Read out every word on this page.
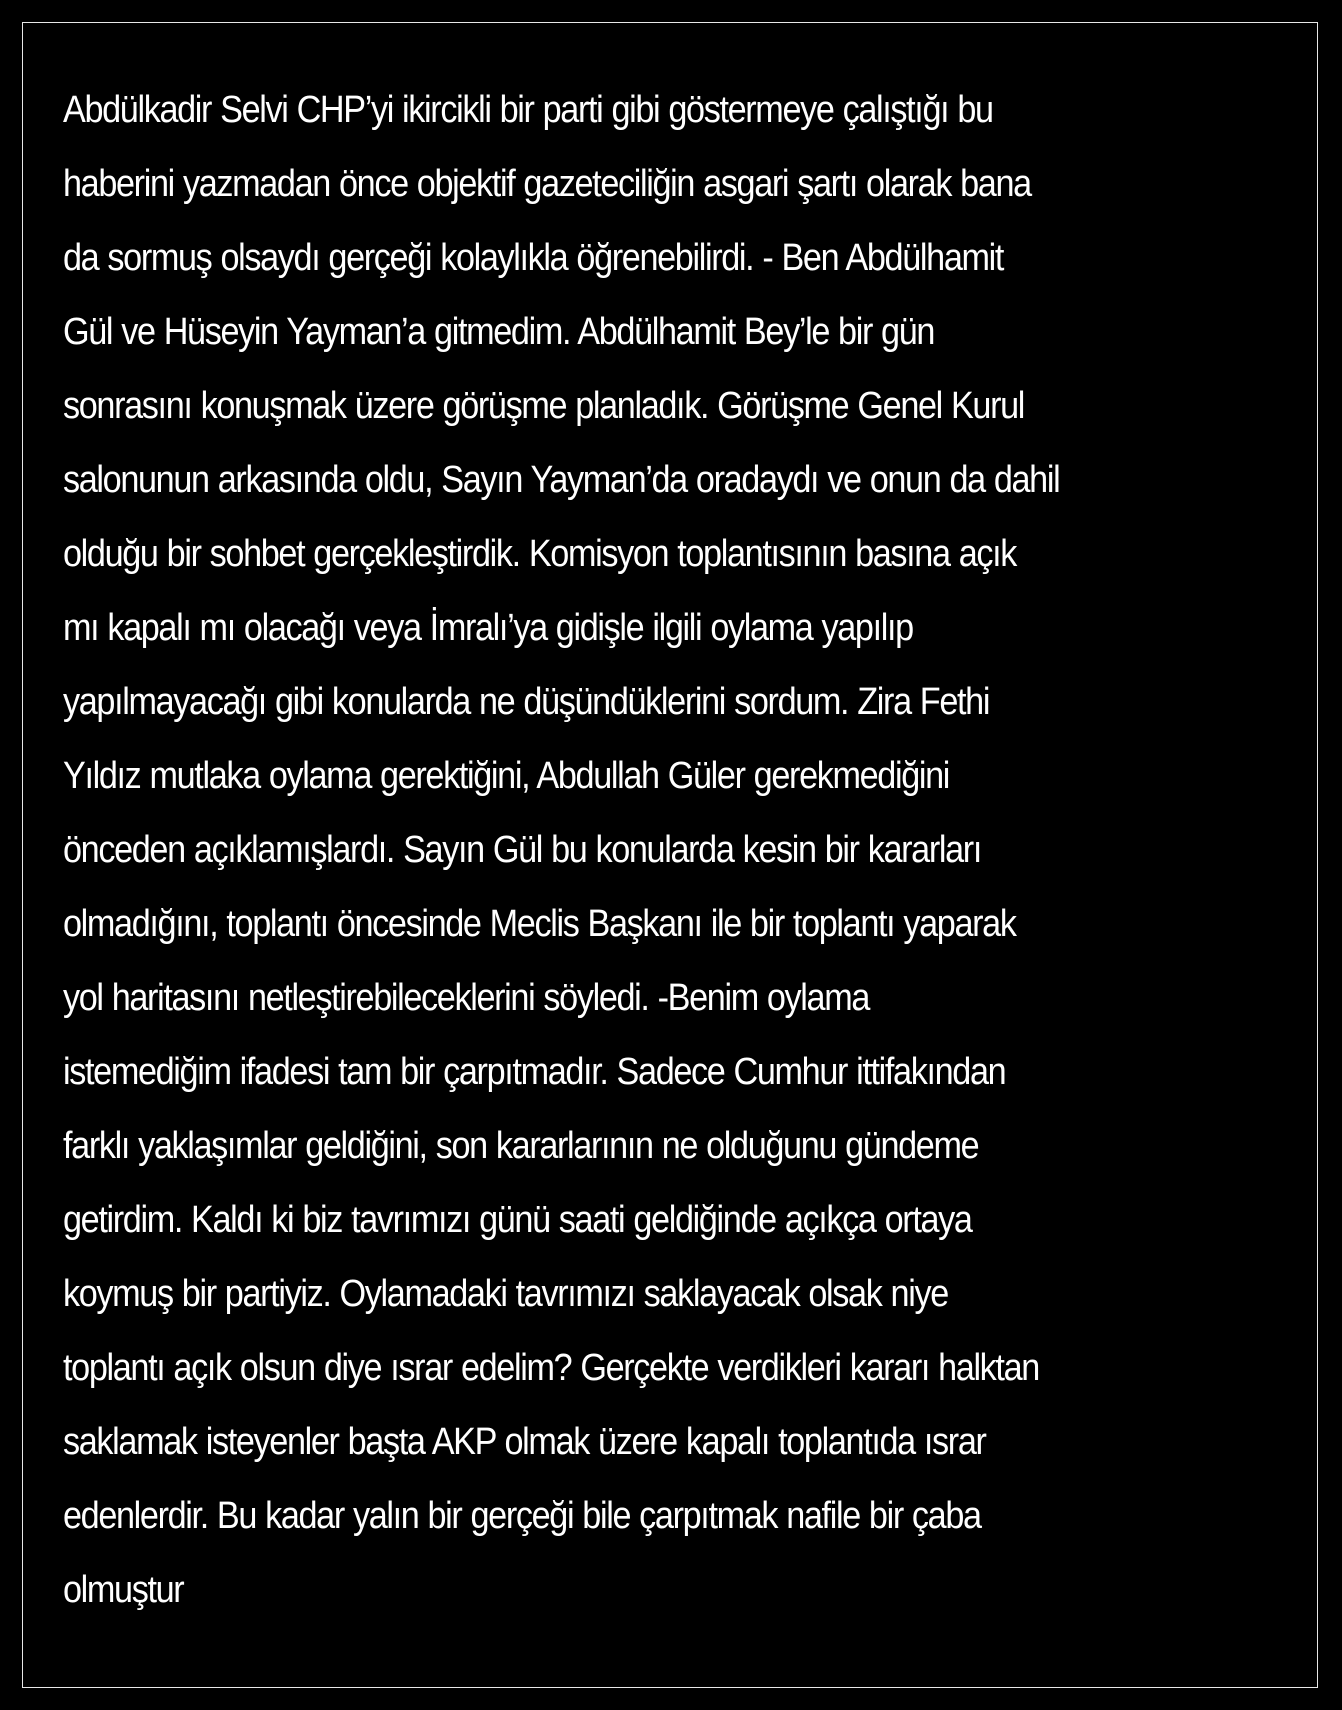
Abdülkadir Selvi CHP’yi ikircikli bir parti gibi göstermeye çalıştığı bu
haberini yazmadan önce objektif gazeteciliğin asgari şartı olarak bana
da sormuş olsaydı gerçeği kolaylıkla öğrenebilirdi. - Ben Abdülhamit
Gül ve Hüseyin Yayman’a gitmedim. Abdülhamit Bey’le bir gün
sonrasını konuşmak üzere görüşme planladık. Görüşme Genel Kurul
salonunun arkasında oldu, Sayın Yayman’da oradaydı ve onun da dahil
olduğu bir sohbet gerçekleştirdik. Komisyon toplantısının basına açık
mı kapalı mı olacağı veya İmralı’ya gidişle ilgili oylama yapılıp
yapılmayacağı gibi konularda ne düşündüklerini sordum. Zira Fethi
Yıldız mutlaka oylama gerektiğini, Abdullah Güler gerekmediğini
önceden açıklamışlardı. Sayın Gül bu konularda kesin bir kararları
olmadığını, toplantı öncesinde Meclis Başkanı ile bir toplantı yaparak
yol haritasını netleştirebileceklerini söyledi. -Benim oylama
istemediğim ifadesi tam bir çarpıtmadır. Sadece Cumhur ittifakından
farklı yaklaşımlar geldiğini, son kararlarının ne olduğunu gündeme
getirdim. Kaldı ki biz tavrımızı günü saati geldiğinde açıkça ortaya
koymuş bir partiyiz. Oylamadaki tavrımızı saklayacak olsak niye
toplantı açık olsun diye ısrar edelim? Gerçekte verdikleri kararı halktan
saklamak isteyenler başta AKP olmak üzere kapalı toplantıda ısrar
edenlerdir. Bu kadar yalın bir gerçeği bile çarpıtmak nafile bir çaba
olmuştur
